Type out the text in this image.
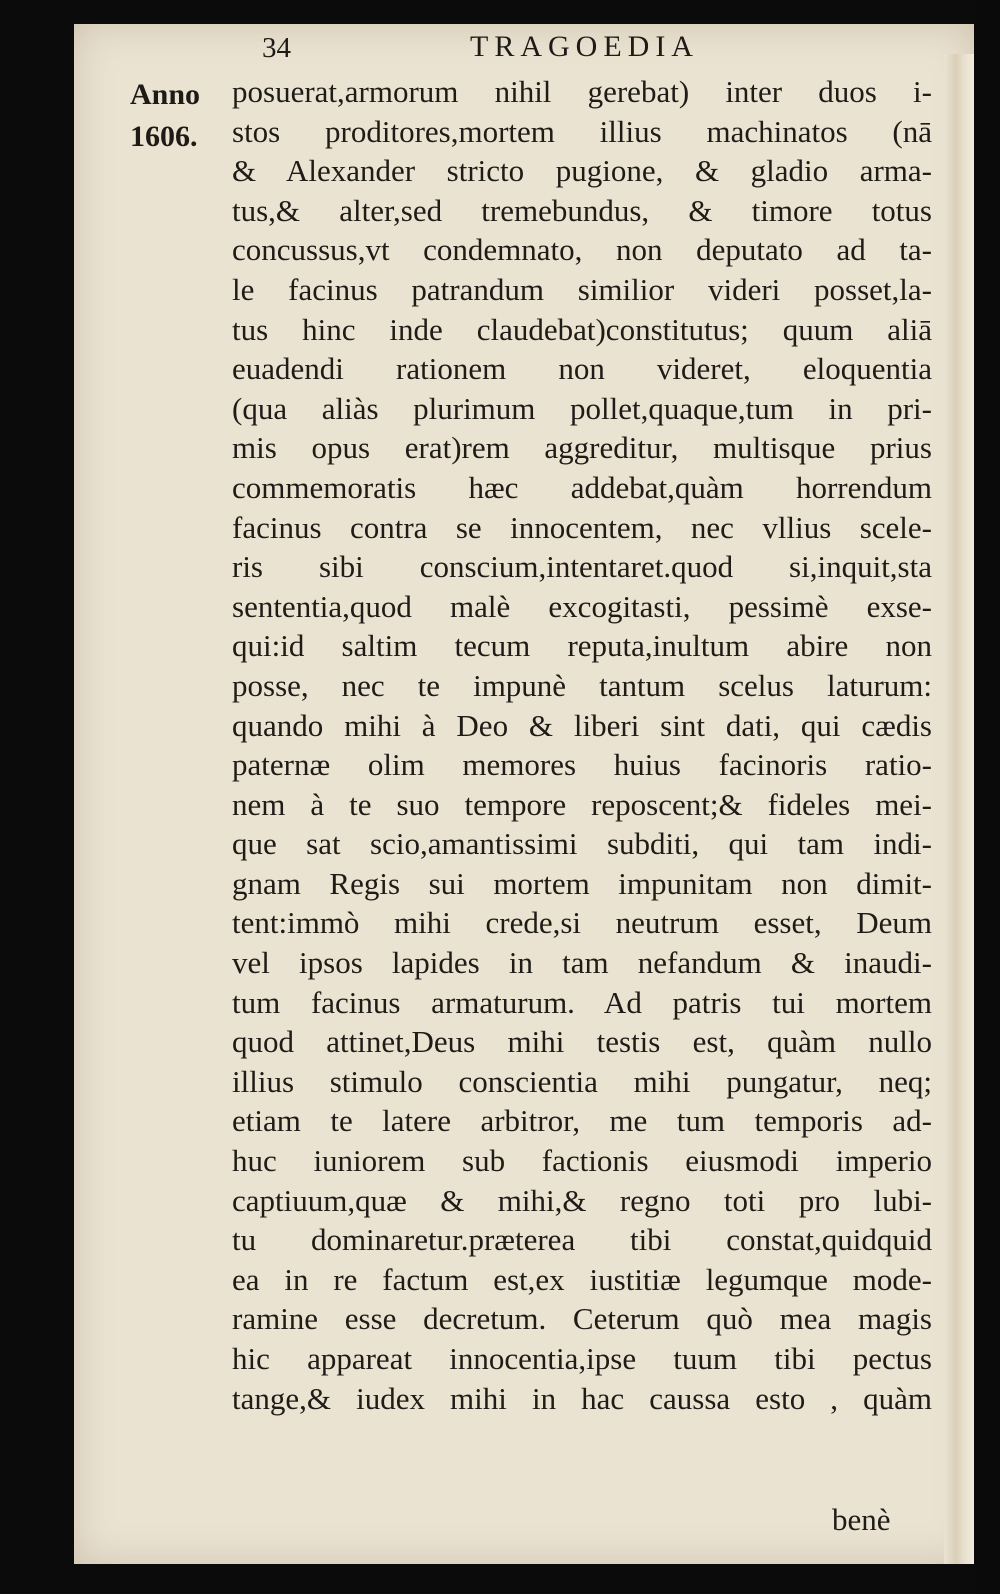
34	TRAGOEDIA
Anno
1606.
posuerat,armorum nihil gerebat) inter duos i-
stos proditores,mortem illius machinatos (nā
& Alexander stricto pugione, & gladio arma-
tus,& alter,sed tremebundus, & timore totus
concussus,vt condemnato, non deputato ad ta-
le facinus patrandum similior videri posset,la-
tus hinc inde claudebat)constitutus; quum aliā
euadendi rationem non videret, eloquentia
(qua aliàs plurimum pollet,quaque,tum in pri-
mis opus erat)rem aggreditur, multisque prius
commemoratis hæc addebat,quàm horrendum
facinus contra se innocentem, nec vllius scele-
ris sibi conscium,intentaret.quod si,inquit,sta
sententia,quod malè excogitasti, pessimè exse-
qui:id saltim tecum reputa,inultum abire non
posse, nec te impunè tantum scelus laturum:
quando mihi à Deo & liberi sint dati, qui cædis
paternæ olim memores huius facinoris ratio-
nem à te suo tempore reposcent;& fideles mei-
que sat scio,amantissimi subditi, qui tam indi-
gnam Regis sui mortem impunitam non dimit-
tent:immò mihi crede,si neutrum esset, Deum
vel ipsos lapides in tam nefandum & inaudi-
tum facinus armaturum. Ad patris tui mortem
quod attinet,Deus mihi testis est, quàm nullo
illius stimulo conscientia mihi pungatur, neq;
etiam te latere arbitror, me tum temporis ad-
huc iuniorem sub factionis eiusmodi imperio
captiuum,quæ & mihi,& regno toti pro lubi-
tu dominaretur.præterea tibi constat,quidquid
ea in re factum est,ex iustitiæ legumque mode-
ramine esse decretum. Ceterum quò mea magis
hic appareat innocentia,ipse tuum tibi pectus
tange,& iudex mihi in hac caussa esto , quàm
benè
